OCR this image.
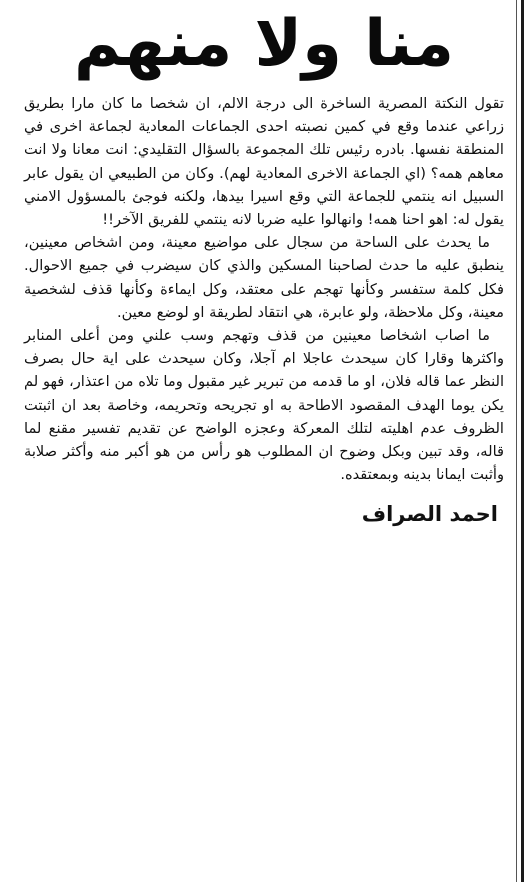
منا ولا منهم

تقول النكتة المصرية الساخرة الى درجة الالم، ان شخصا ما كان مارا بطريق زراعي عندما وقع في كمين نصبته احدى الجماعات المعادية لجماعة اخرى في المنطقة نفسها. بادره رئيس تلك المجموعة بالسؤال التقليدي: انت معانا ولا انت معاهم همه؟ (اي الجماعة الاخرى المعادية لهم). وكان من الطبيعي ان يقول عابر السبيل انه ينتمي للجماعة التي وقع اسيرا بيدها، ولكنه فوجئ بالمسؤول الامني يقول له: اهو احنا همه! وانهالوا عليه ضربا لانه ينتمي للفريق الآخر!!

ما يحدث على الساحة من سجال على مواضيع معينة، ومن اشخاص معينين، ينطبق عليه ما حدث لصاحبنا المسكين والذي كان سيضرب في جميع الاحوال. فكل كلمة ستفسر وكأنها تهجم على معتقد، وكل ايماءة وكأنها قذف لشخصية معينة، وكل ملاحظة، ولو عابرة، هي انتقاد لطريقة او لوضع معين.

ما اصاب اشخاصا معينين من قذف وتهجم وسب علني ومن أعلى المنابر واكثرها وقارا كان سيحدث عاجلا ام آجلا، وكان سيحدث على اية حال بصرف النظر عما قاله فلان، او ما قدمه من تبرير غير مقبول وما تلاه من اعتذار، فهو لم يكن يوما الهدف المقصود الاطاحة به او تجريحه وتحريمه، وخاصة بعد ان اثبتت الظروف عدم اهليته لتلك المعركة وعجزه الواضح عن تقديم تفسير مقنع لما قاله، وقد تبين وبكل وضوح ان المطلوب هو رأس من هو أكبر منه وأكثر صلابة وأثبت ايمانا بدينه وبمعتقده.

احمد الصراف
